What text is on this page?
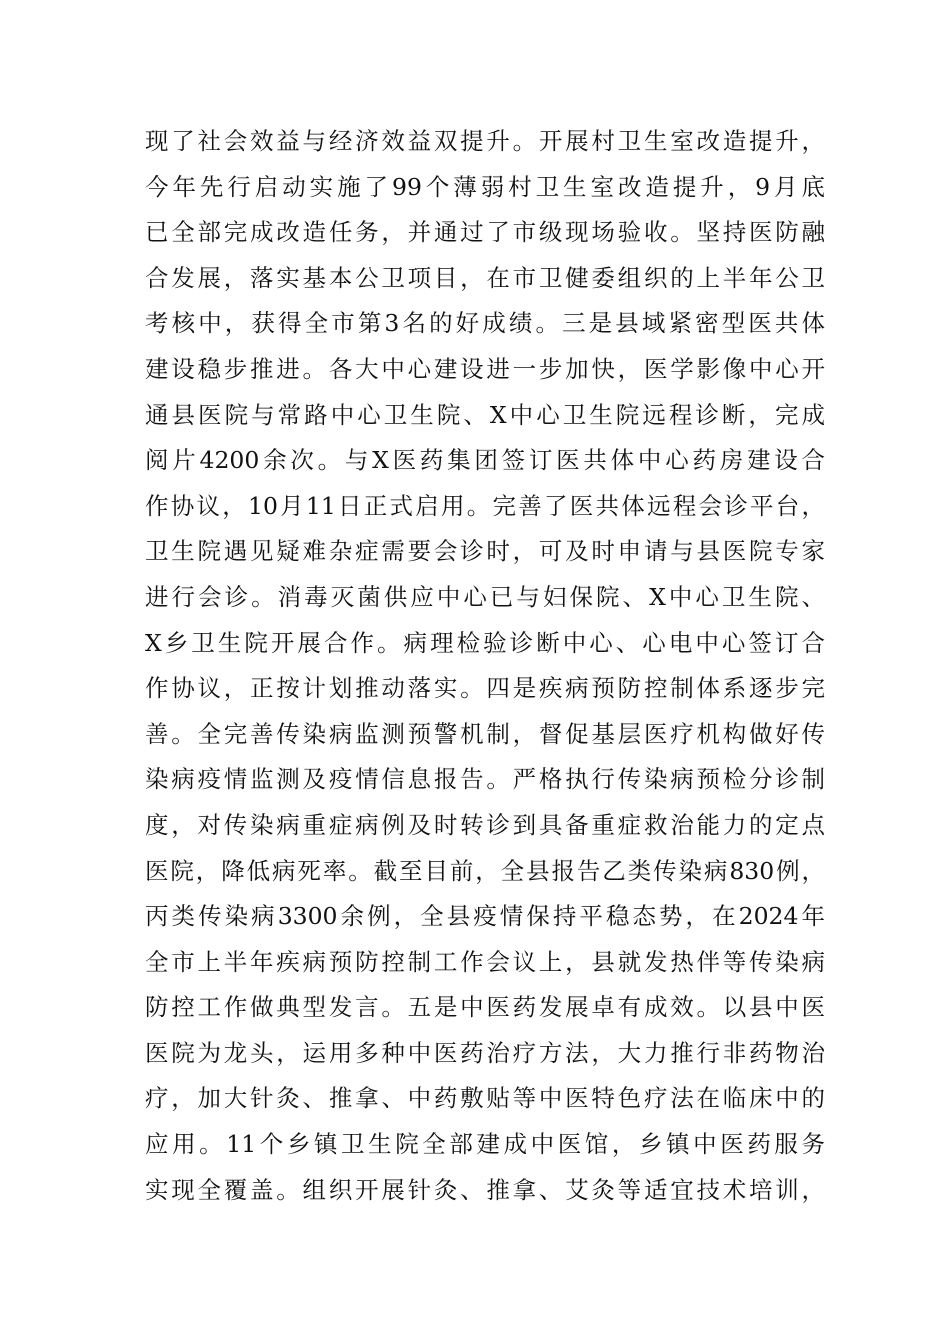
现了社会效益与经济效益双提升。开展村卫生室改造提升，
今年先行启动实施了99个薄弱村卫生室改造提升，9月底
已全部完成改造任务，并通过了市级现场验收。坚持医防融
合发展，落实基本公卫项目，在市卫健委组织的上半年公卫
考核中，获得全市第3名的好成绩。三是县域紧密型医共体
建设稳步推进。各大中心建设进一步加快，医学影像中心开
通县医院与常路中心卫生院、X中心卫生院远程诊断，完成
阅片4200余次。与X医药集团签订医共体中心药房建设合
作协议，10月11日正式启用。完善了医共体远程会诊平台，
卫生院遇见疑难杂症需要会诊时，可及时申请与县医院专家
进行会诊。消毒灭菌供应中心已与妇保院、X中心卫生院、
X乡卫生院开展合作。病理检验诊断中心、心电中心签订合
作协议，正按计划推动落实。四是疾病预防控制体系逐步完
善。全完善传染病监测预警机制，督促基层医疗机构做好传
染病疫情监测及疫情信息报告。严格执行传染病预检分诊制
度，对传染病重症病例及时转诊到具备重症救治能力的定点
医院，降低病死率。截至目前，全县报告乙类传染病830例，
丙类传染病3300余例，全县疫情保持平稳态势，在2024年
全市上半年疾病预防控制工作会议上，县就发热伴等传染病
防控工作做典型发言。五是中医药发展卓有成效。以县中医
医院为龙头，运用多种中医药治疗方法，大力推行非药物治
疗，加大针灸、推拿、中药敷贴等中医特色疗法在临床中的
应用。11个乡镇卫生院全部建成中医馆，乡镇中医药服务
实现全覆盖。组织开展针灸、推拿、艾灸等适宜技术培训，
